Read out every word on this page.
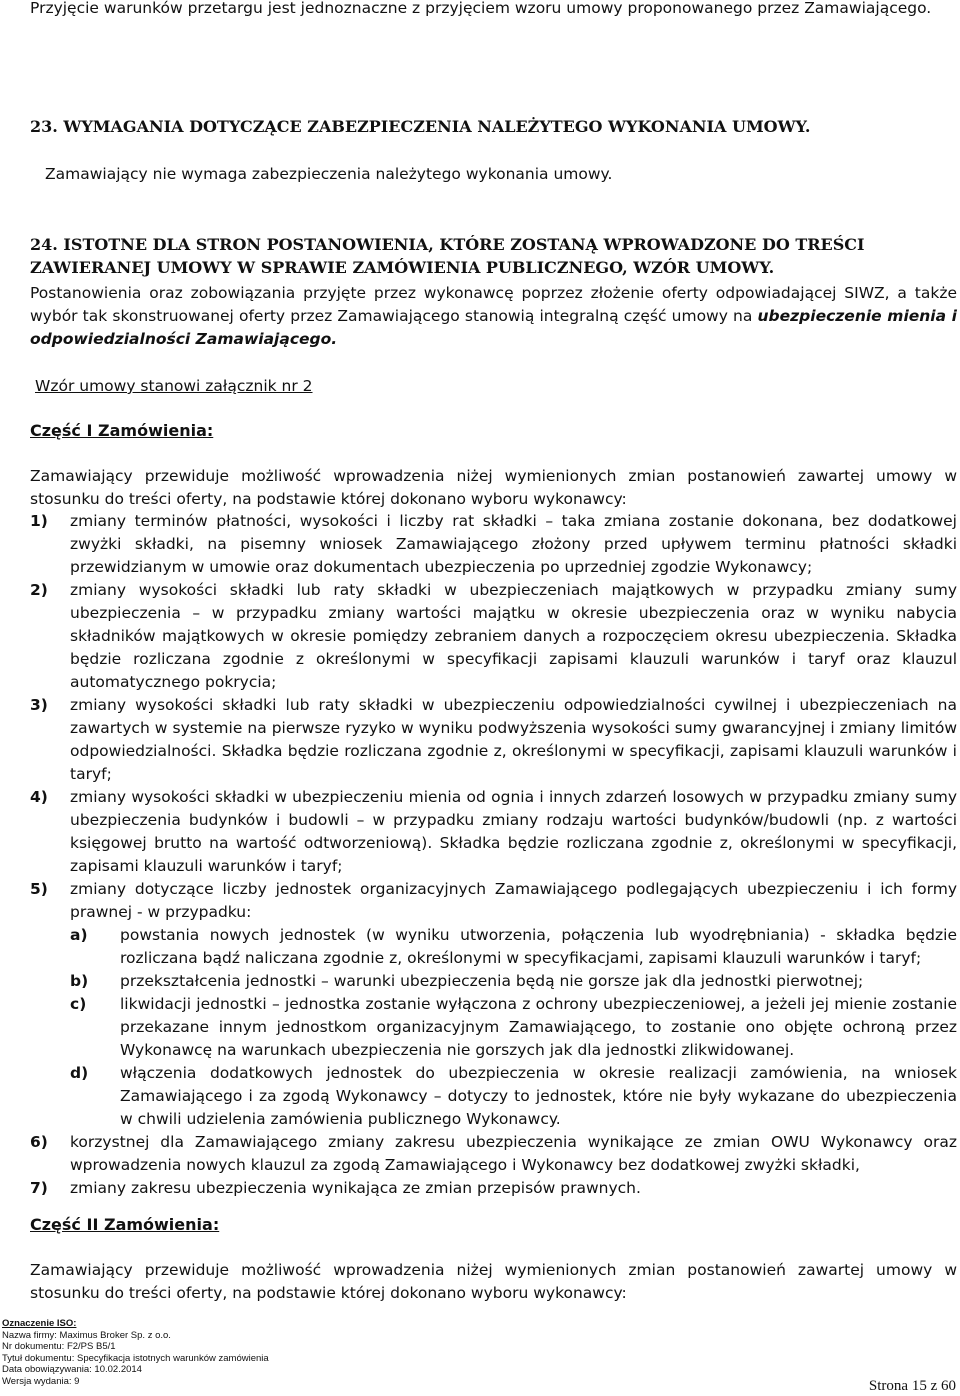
Przyjęcie warunków przetargu jest jednoznaczne z przyjęciem wzoru umowy proponowanego przez Zamawiającego.
23. WYMAGANIA DOTYCZĄCE ZABEZPIECZENIA NALEŻYTEGO WYKONANIA UMOWY.
Zamawiający nie wymaga zabezpieczenia należytego wykonania umowy.
24. ISTOTNE DLA STRON POSTANOWIENIA, KTÓRE ZOSTANĄ WPROWADZONE DO TREŚCI ZAWIERANEJ UMOWY W SPRAWIE ZAMÓWIENIA PUBLICZNEGO, WZÓR UMOWY.
Postanowienia oraz zobowiązania przyjęte przez wykonawcę poprzez złożenie oferty odpowiadającej SIWZ, a także wybór tak skonstruowanej oferty przez Zamawiającego stanowią integralną część umowy na ubezpieczenie mienia i odpowiedzialności Zamawiającego.
Wzór umowy stanowi załącznik nr 2
Część I Zamówienia:
Zamawiający przewiduje możliwość wprowadzenia niżej wymienionych zmian postanowień zawartej umowy w stosunku do treści oferty, na podstawie której dokonano wyboru wykonawcy:
1) zmiany terminów płatności, wysokości i liczby rat składki – taka zmiana zostanie dokonana, bez dodatkowej zwyżki składki, na pisemny wniosek Zamawiającego złożony przed upływem terminu płatności składki przewidzianym w umowie oraz dokumentach ubezpieczenia po uprzedniej zgodzie Wykonawcy;
2) zmiany wysokości składki lub raty składki w ubezpieczeniach majątkowych w przypadku zmiany sumy ubezpieczenia – w przypadku zmiany wartości majątku w okresie ubezpieczenia oraz w wyniku nabycia składników majątkowych w okresie pomiędzy zebraniem danych a rozpoczęciem okresu ubezpieczenia. Składka będzie rozliczana zgodnie z określonymi w specyfikacji zapisami klauzuli warunków i taryf oraz klauzul automatycznego pokrycia;
3) zmiany wysokości składki lub raty składki w ubezpieczeniu odpowiedzialności cywilnej i ubezpieczeniach na zawartych w systemie na pierwsze ryzyko w wyniku podwyższenia wysokości sumy gwarancyjnej i zmiany limitów odpowiedzialności. Składka będzie rozliczana zgodnie z, określonymi w specyfikacji, zapisami klauzuli warunków i taryf;
4) zmiany wysokości składki w ubezpieczeniu mienia od ognia i innych zdarzeń losowych w przypadku zmiany sumy ubezpieczenia budynków i budowli – w przypadku zmiany rodzaju wartości budynków/budowli (np. z wartości księgowej brutto na wartość odtworzeniową). Składka będzie rozliczana zgodnie z, określonymi w specyfikacji, zapisami klauzuli warunków i taryf;
5) zmiany dotyczące liczby jednostek organizacyjnych Zamawiającego podlegających ubezpieczeniu i ich formy prawnej - w przypadku:
a) powstania nowych jednostek (w wyniku utworzenia, połączenia lub wyodrębniania) - składka będzie rozliczana bądź naliczana zgodnie z, określonymi w specyfikacjami, zapisami klauzuli warunków i taryf;
b) przekształcenia jednostki – warunki ubezpieczenia będą nie gorsze jak dla jednostki pierwotnej;
c) likwidacji jednostki – jednostka zostanie wyłączona z ochrony ubezpieczeniowej, a jeżeli jej mienie zostanie przekazane innym jednostkom organizacyjnym Zamawiającego, to zostanie ono objęte ochroną przez Wykonawcę na warunkach ubezpieczenia nie gorszych jak dla jednostki zlikwidowanej.
d) włączenia dodatkowych jednostek do ubezpieczenia w okresie realizacji zamówienia, na wniosek Zamawiającego i za zgodą Wykonawcy – dotyczy to jednostek, które nie były wykazane do ubezpieczenia w chwili udzielenia zamówienia publicznego Wykonawcy.
6) korzystnej dla Zamawiającego zmiany zakresu ubezpieczenia wynikające ze zmian OWU Wykonawcy oraz wprowadzenia nowych klauzul za zgodą Zamawiającego i Wykonawcy bez dodatkowej zwyżki składki,
7) zmiany zakresu ubezpieczenia wynikająca ze zmian przepisów prawnych.
Część II Zamówienia:
Zamawiający przewiduje możliwość wprowadzenia niżej wymienionych zmian postanowień zawartej umowy w stosunku do treści oferty, na podstawie której dokonano wyboru wykonawcy:
Oznaczenie ISO:
Nazwa firmy: Maximus Broker Sp. z o.o.
Nr dokumentu: F2/PS B5/1
Tytuł dokumentu: Specyfikacja istotnych warunków zamówienia
Data obowiązywania: 10.02.2014
Wersja wydania: 9	Strona 15 z 60
